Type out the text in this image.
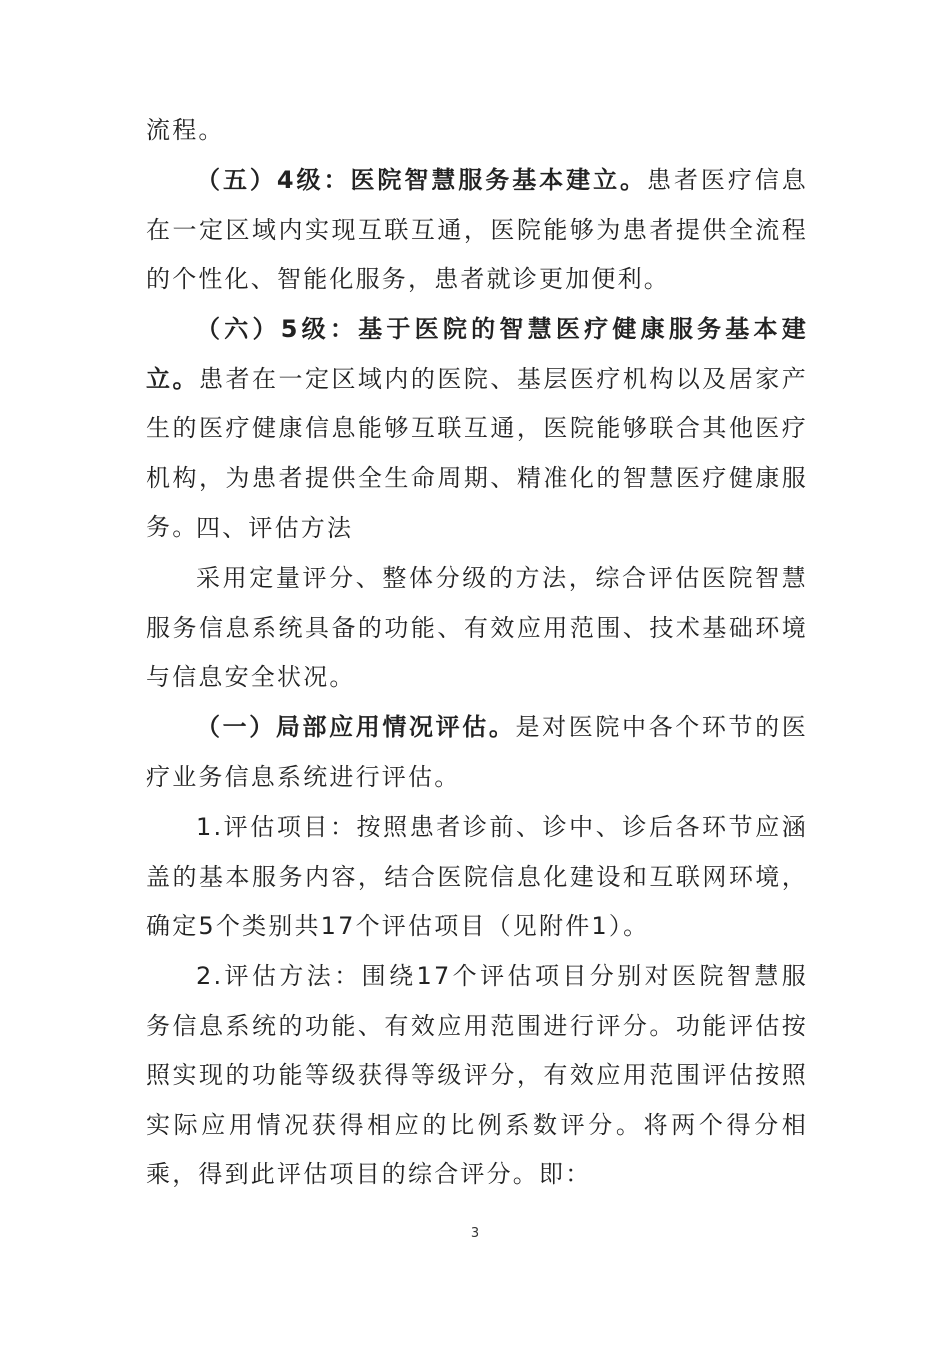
流程。

（五）4级：医院智慧服务基本建立。患者医疗信息在一定区域内实现互联互通，医院能够为患者提供全流程的个性化、智能化服务，患者就诊更加便利。

（六）5级：基于医院的智慧医疗健康服务基本建立。患者在一定区域内的医院、基层医疗机构以及居家产生的医疗健康信息能够互联互通，医院能够联合其他医疗机构，为患者提供全生命周期、精准化的智慧医疗健康服务。

四、评估方法

采用定量评分、整体分级的方法，综合评估医院智慧服务信息系统具备的功能、有效应用范围、技术基础环境与信息安全状况。

（一）局部应用情况评估。是对医院中各个环节的医疗业务信息系统进行评估。

1.评估项目：按照患者诊前、诊中、诊后各环节应涵盖的基本服务内容，结合医院信息化建设和互联网环境，确定5个类别共17个评估项目（见附件1）。

2.评估方法：围绕17个评估项目分别对医院智慧服务信息系统的功能、有效应用范围进行评分。功能评估按照实现的功能等级获得等级评分，有效应用范围评估按照实际应用情况获得相应的比例系数评分。将两个得分相乘，得到此评估项目的综合评分。即：

3
